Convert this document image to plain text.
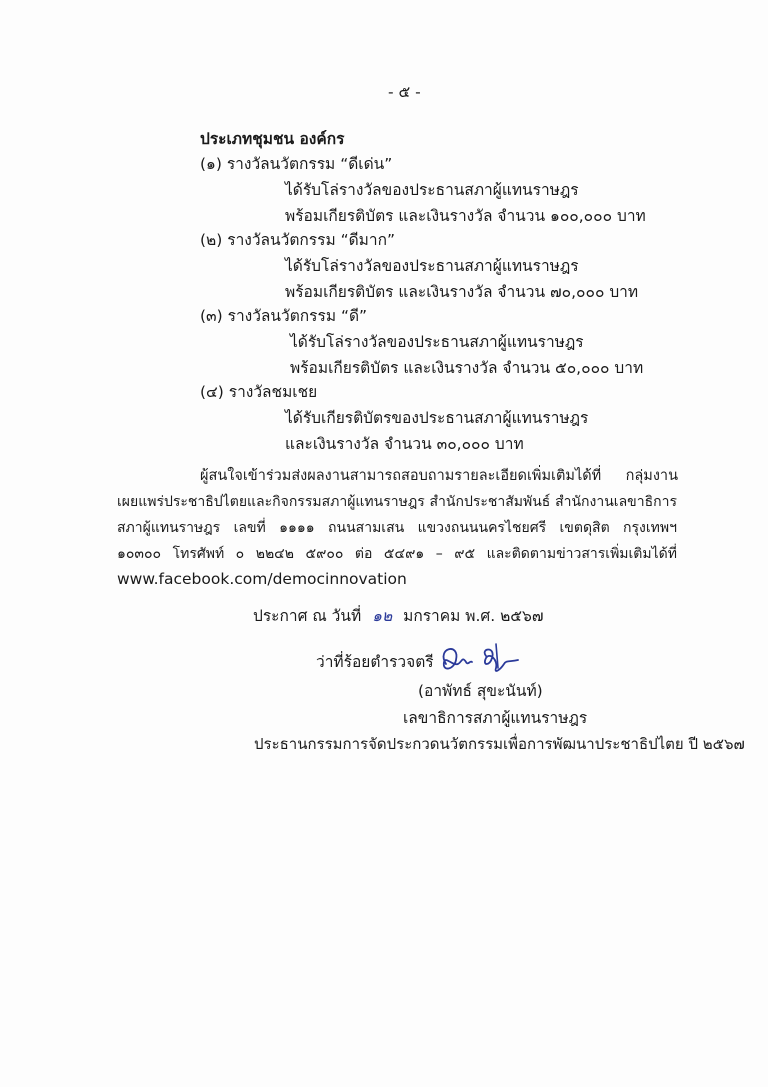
- ๕ -
ประเภทชุมชน องค์กร
(๑) รางวัลนวัตกรรม “ดีเด่น”
ได้รับโล่รางวัลของประธานสภาผู้แทนราษฎร
พร้อมเกียรติบัตร และเงินรางวัล จำนวน ๑๐๐,๐๐๐ บาท
(๒) รางวัลนวัตกรรม “ดีมาก”
ได้รับโล่รางวัลของประธานสภาผู้แทนราษฎร
พร้อมเกียรติบัตร และเงินรางวัล จำนวน ๗๐,๐๐๐ บาท
(๓) รางวัลนวัตกรรม “ดี”
ได้รับโล่รางวัลของประธานสภาผู้แทนราษฎร
พร้อมเกียรติบัตร และเงินรางวัล จำนวน ๕๐,๐๐๐ บาท
(๔) รางวัลชมเชย
ได้รับเกียรติบัตรของประธานสภาผู้แทนราษฎร
และเงินรางวัล จำนวน ๓๐,๐๐๐ บาท
ผู้สนใจเข้าร่วมส่งผลงานสามารถสอบถามรายละเอียดเพิ่มเติมได้ที่ กลุ่มงาน
เผยแพร่ประชาธิปไตยและกิจกรรมสภาผู้แทนราษฎร สำนักประชาสัมพันธ์ สำนักงานเลขาธิการ
สภาผู้แทนราษฎร เลขที่ ๑๑๑๑ ถนนสามเสน แขวงถนนนครไชยศรี เขตดุสิต กรุงเทพฯ
๑๐๓๐๐ โทรศัพท์ ๐ ๒๒๔๒ ๕๙๐๐ ต่อ ๕๔๙๑ – ๙๕ และติดตามข่าวสารเพิ่มเติมได้ที่
www.facebook.com/democinnovation
ประกาศ ณ วันที่ ๑๒ มกราคม พ.ศ. ๒๕๖๗
ว่าที่ร้อยตำรวจตรี
(อาพัทธ์ สุขะนันท์)
เลขาธิการสภาผู้แทนราษฎร
ประธานกรรมการจัดประกวดนวัตกรรมเพื่อการพัฒนาประชาธิปไตย ปี ๒๕๖๗
